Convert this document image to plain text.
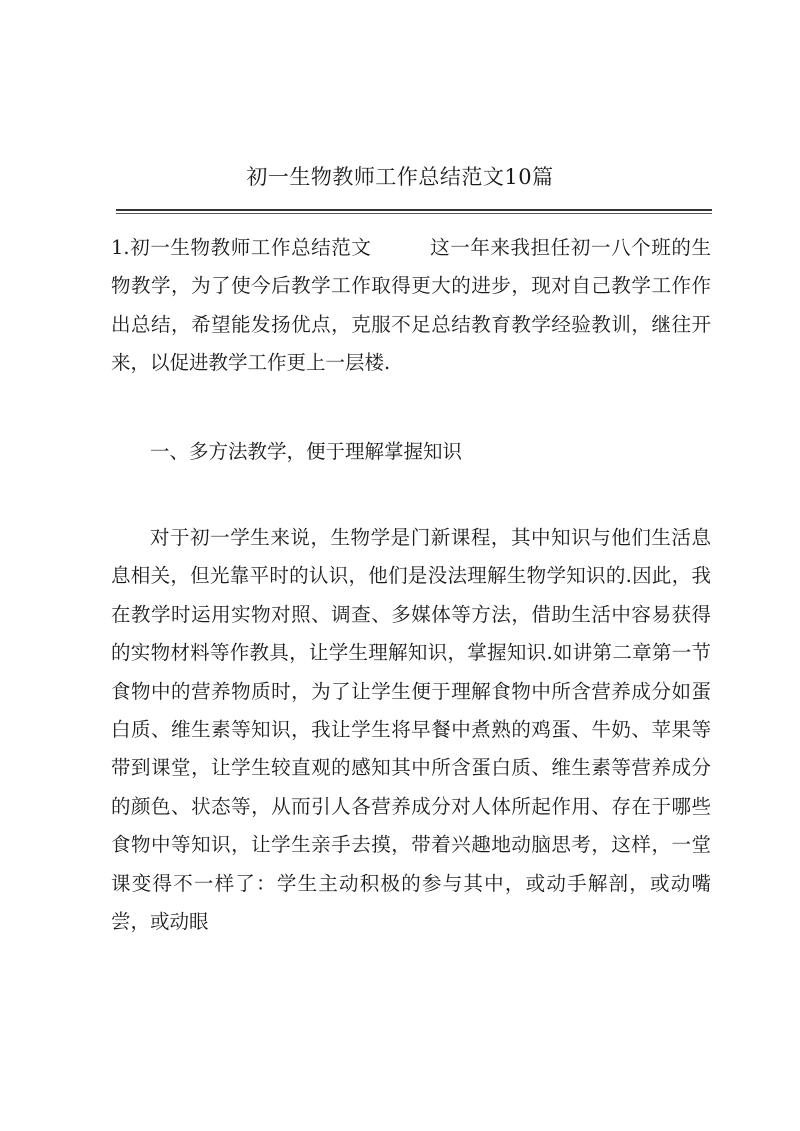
初一生物教师工作总结范文10篇

1.初一生物教师工作总结范文	这一年来我担任初一八个班的生物教学，为了使今后教学工作取得更大的进步，现对自己教学工作作出总结，希望能发扬优点，克服不足总结教育教学经验教训，继往开来，以促进教学工作更上一层楼.

一、多方法教学，便于理解掌握知识

对于初一学生来说，生物学是门新课程，其中知识与他们生活息息相关，但光靠平时的认识，他们是没法理解生物学知识的.因此，我在教学时运用实物对照、调查、多媒体等方法，借助生活中容易获得的实物材料等作教具，让学生理解知识，掌握知识.如讲第二章第一节食物中的营养物质时，为了让学生便于理解食物中所含营养成分如蛋白质、维生素等知识，我让学生将早餐中煮熟的鸡蛋、牛奶、苹果等带到课堂，让学生较直观的感知其中所含蛋白质、维生素等营养成分的颜色、状态等，从而引人各营养成分对人体所起作用、存在于哪些食物中等知识，让学生亲手去摸，带着兴趣地动脑思考，这样，一堂课变得不一样了：学生主动积极的参与其中，或动手解剖，或动嘴尝，或动眼
